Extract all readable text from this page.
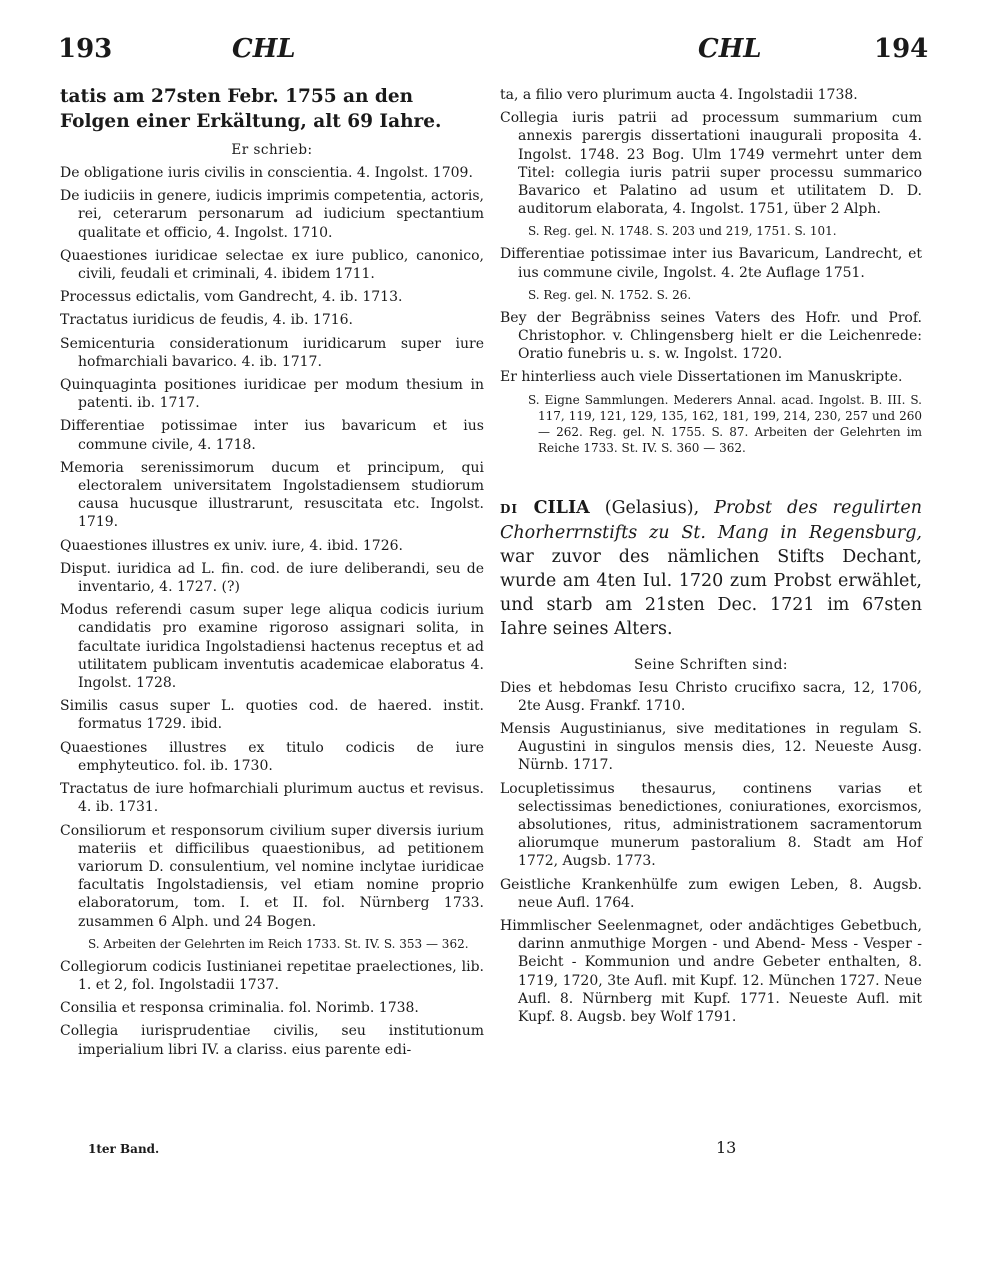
193	CHL	CHL	194
tatis am 27sten Febr. 1755 an den Folgen einer Erkältung, alt 69 Iahre.
Er schrieb:
De obligatione iuris civilis in conscientia. 4. Ingolst. 1709.
De iudiciis in genere, iudicis imprimis competentia, actoris, rei, ceterarum personarum ad iudicium spectantium qualitate et officio, 4. Ingolst. 1710.
Quaestiones iuridicae selectae ex iure publico, canonico, civili, feudali et criminali, 4. ibidem 1711.
Processus edictalis, vom Gandrecht, 4. ib. 1713.
Tractatus iuridicus de feudis, 4. ib. 1716.
Semicenturia considerationum iuridicarum super iure hofmarchiali bavarico. 4. ib. 1717.
Quinquaginta positiones iuridicae per modum thesium in patenti. ib. 1717.
Differentiae potissimae inter ius bavaricum et ius commune civile, 4. 1718.
Memoria serenissimorum ducum et principum, qui electoralem universitatem Ingolstadiensem studiorum causa hucusque illustrarunt, resuscitata etc. Ingolst. 1719.
Quaestiones illustres ex univ. iure, 4. ibid. 1726.
Disput. iuridica ad L. fin. cod. de iure deliberandi, seu de inventario, 4. 1727. (?)
Modus referendi casum super lege aliqua codicis iurium candidatis pro examine rigoroso assignari solita, in facultate iuridica Ingolstadiensi hactenus receptus et ad utilitatem publicam inventutis academicae elaboratus 4. Ingolst. 1728.
Similis casus super L. quoties cod. de haered. instit. formatus 1729. ibid.
Quaestiones illustres ex titulo codicis de iure emphyteutico. fol. ib. 1730.
Tractatus de iure hofmarchiali plurimum auctus et revisus. 4. ib. 1731.
Consiliorum et responsorum civilium super diversis iurium materiis et difficilibus quaestionibus, ad petitionem variorum D. consulentium, vel nomine inclytae iuridicae facultatis Ingolstadiensis, vel etiam nomine proprio elaboratorum, tom. I. et II. fol. Nürnberg 1733. zusammen 6 Alph. und 24 Bogen.
S. Arbeiten der Gelehrten im Reich 1733. St. IV. S. 353 — 362.
Collegiorum codicis Iustinianei repetitae praelectiones, lib. 1. et 2, fol. Ingolstadii 1737.
Consilia et responsa criminalia. fol. Norimb. 1738.
Collegia iurisprudentiae civilis, seu institutionum imperialium libri IV. a clariss. eius parente edi-
ta, a filio vero plurimum aucta 4. Ingolstadii 1738.
Collegia iuris patrii ad processum summarium cum annexis parergis dissertationi inaugurali proposita 4. Ingolst. 1748. 23 Bog. Ulm 1749 vermehrt unter dem Titel: collegia iuris patrii super processu summarico Bavarico et Palatino ad usum et utilitatem D. D. auditorum elaborata, 4. Ingolst. 1751, über 2 Alph.
S. Reg. gel. N. 1748. S. 203 und 219, 1751. S. 101.
Differentiae potissimae inter ius Bavaricum, Landrecht, et ius commune civile, Ingolst. 4. 2te Auflage 1751.
S. Reg. gel. N. 1752. S. 26.
Bey der Begräbniss seines Vaters des Hofr. und Prof. Christophor. v. Chlingensberg hielt er die Leichenrede: Oratio funebris u. s. w. Ingolst. 1720.
Er hinterliess auch viele Dissertationen im Manuskripte.
S. Eigne Sammlungen. Mederers Annal. acad. Ingolst. B. III. S. 117, 119, 121, 129, 135, 162, 181, 199, 214, 230, 257 und 260 — 262. Reg. gel. N. 1755. S. 87. Arbeiten der Gelehrten im Reiche 1733. St. IV. S. 360 — 362.
DI CILIA (Gelasius), Probst des regulirten Chorherrnstifts zu St. Mang in Regensburg, war zuvor des nämlichen Stifts Dechant, wurde am 4ten Iul. 1720 zum Probst erwählet, und starb am 21sten Dec. 1721 im 67sten Iahre seines Alters.
Seine Schriften sind:
Dies et hebdomas Iesu Christo crucifixo sacra, 12, 1706, 2te Ausg. Frankf. 1710.
Mensis Augustinianus, sive meditationes in regulam S. Augustini in singulos mensis dies, 12. Neueste Ausg. Nürnb. 1717.
Locupletissimus thesaurus, continens varias et selectissimas benedictiones, coniurationes, exorcismos, absolutiones, ritus, administrationem sacramentorum aliorumque munerum pastoralium 8. Stadt am Hof 1772, Augsb. 1773.
Geistliche Krankenhülfe zum ewigen Leben, 8. Augsb. neue Aufl. 1764.
Himmlischer Seelenmagnet, oder andächtiges Gebetbuch, darinn anmuthige Morgen - und Abend- Mess - Vesper - Beicht - Kommunion und andre Gebeter enthalten, 8. 1719, 1720, 3te Aufl. mit Kupf. 12. München 1727. Neue Aufl. 8. Nürnberg mit Kupf. 1771. Neueste Aufl. mit Kupf. 8. Augsb. bey Wolf 1791.
1ter Band.	13
